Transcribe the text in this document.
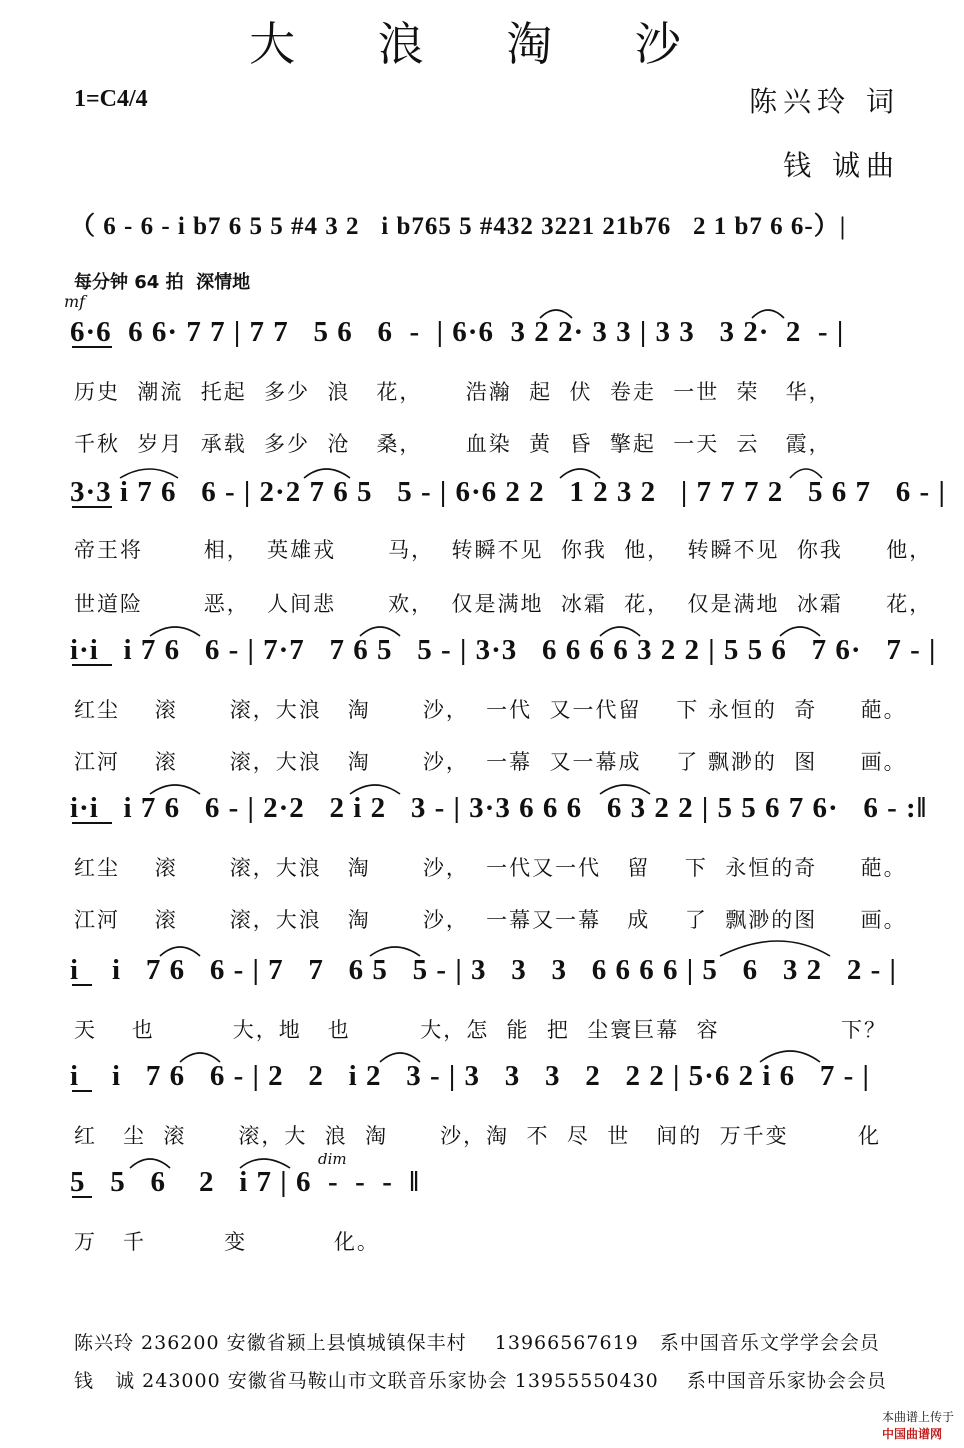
大 浪 淘 沙
1=C4/4	陈兴玲 词
钱 诚曲
（ 6 - 6 - i b7 6 5 5 #4 3 2   i b765 5 #432 3221 21b76   2 1 b7 6 6-）|
每分钟 64 拍  深情地
mf
dim
6·6  6 6· 7 7 | 7 7   5 6   6  -  | 6·6  3 2 2· 3 3 | 3 3   3 2·  2  - |
历史  潮流  托起  多少  浪   花，     浩瀚  起  伏  卷走  一世  荣   华，
千秋  岁月  承载  多少  沧   桑，     血染  黄  昏  擎起  一天  云   霞，
3·3 i 7 6   6 - | 2·2 7 6 5   5 - | 6·6 2 2   1 2 3 2   | 7 7 7 2   5 6 7   6 - |
帝王将       相，  英雄戎      马，  转瞬不见  你我  他，  转瞬不见  你我     他，
世道险       恶，  人间悲      欢，  仅是满地  冰霜  花，  仅是满地  冰霜     花，
i·i   i 7 6   6 - | 7·7   7 6 5   5 - | 3·3   6 6 6 6 3 2 2 | 5 5 6   7 6·   7 - |
红尘    滚      滚，大浪   淘      沙，  一代  又一代留    下 永恒的  奇     葩。
江河    滚      滚，大浪   淘      沙，  一幕  又一幕成    了 飘渺的  图     画。
i·i   i 7 6   6 - | 2·2   2 i 2   3 - | 3·3 6 6 6   6 3 2 2 | 5 5 6 7 6·   6 - :‖
红尘    滚      滚，大浪   淘      沙，  一代又一代   留    下  永恒的奇     葩。
江河    滚      滚，大浪   淘      沙，  一幕又一幕   成    了  飘渺的图     画。
i    i   7 6   6 - | 7   7   6 5   5 - | 3   3   3   6 6 6 6 | 5   6   3 2   2 - |
天    也         大，地   也        大，怎  能  把  尘寰巨幕  容              下？
i    i   7 6   6 - | 2   2   i 2   3 - | 3   3   3   2   2 2 | 5·6 2 i 6   7 - |
红   尘  滚      滚，大  浪  淘      沙，淘  不  尽  世   间的  万千变        化
5   5   6    2   i 7 | 6  -  -  -  ‖
万   千         变          化。
陈兴玲 236200 安徽省颍上县慎城镇保丰村    13966567619   系中国音乐文学学会会员
钱   诚 243000 安徽省马鞍山市文联音乐家协会 13955550430    系中国音乐家协会会员

本曲谱上传于
中国曲谱网
